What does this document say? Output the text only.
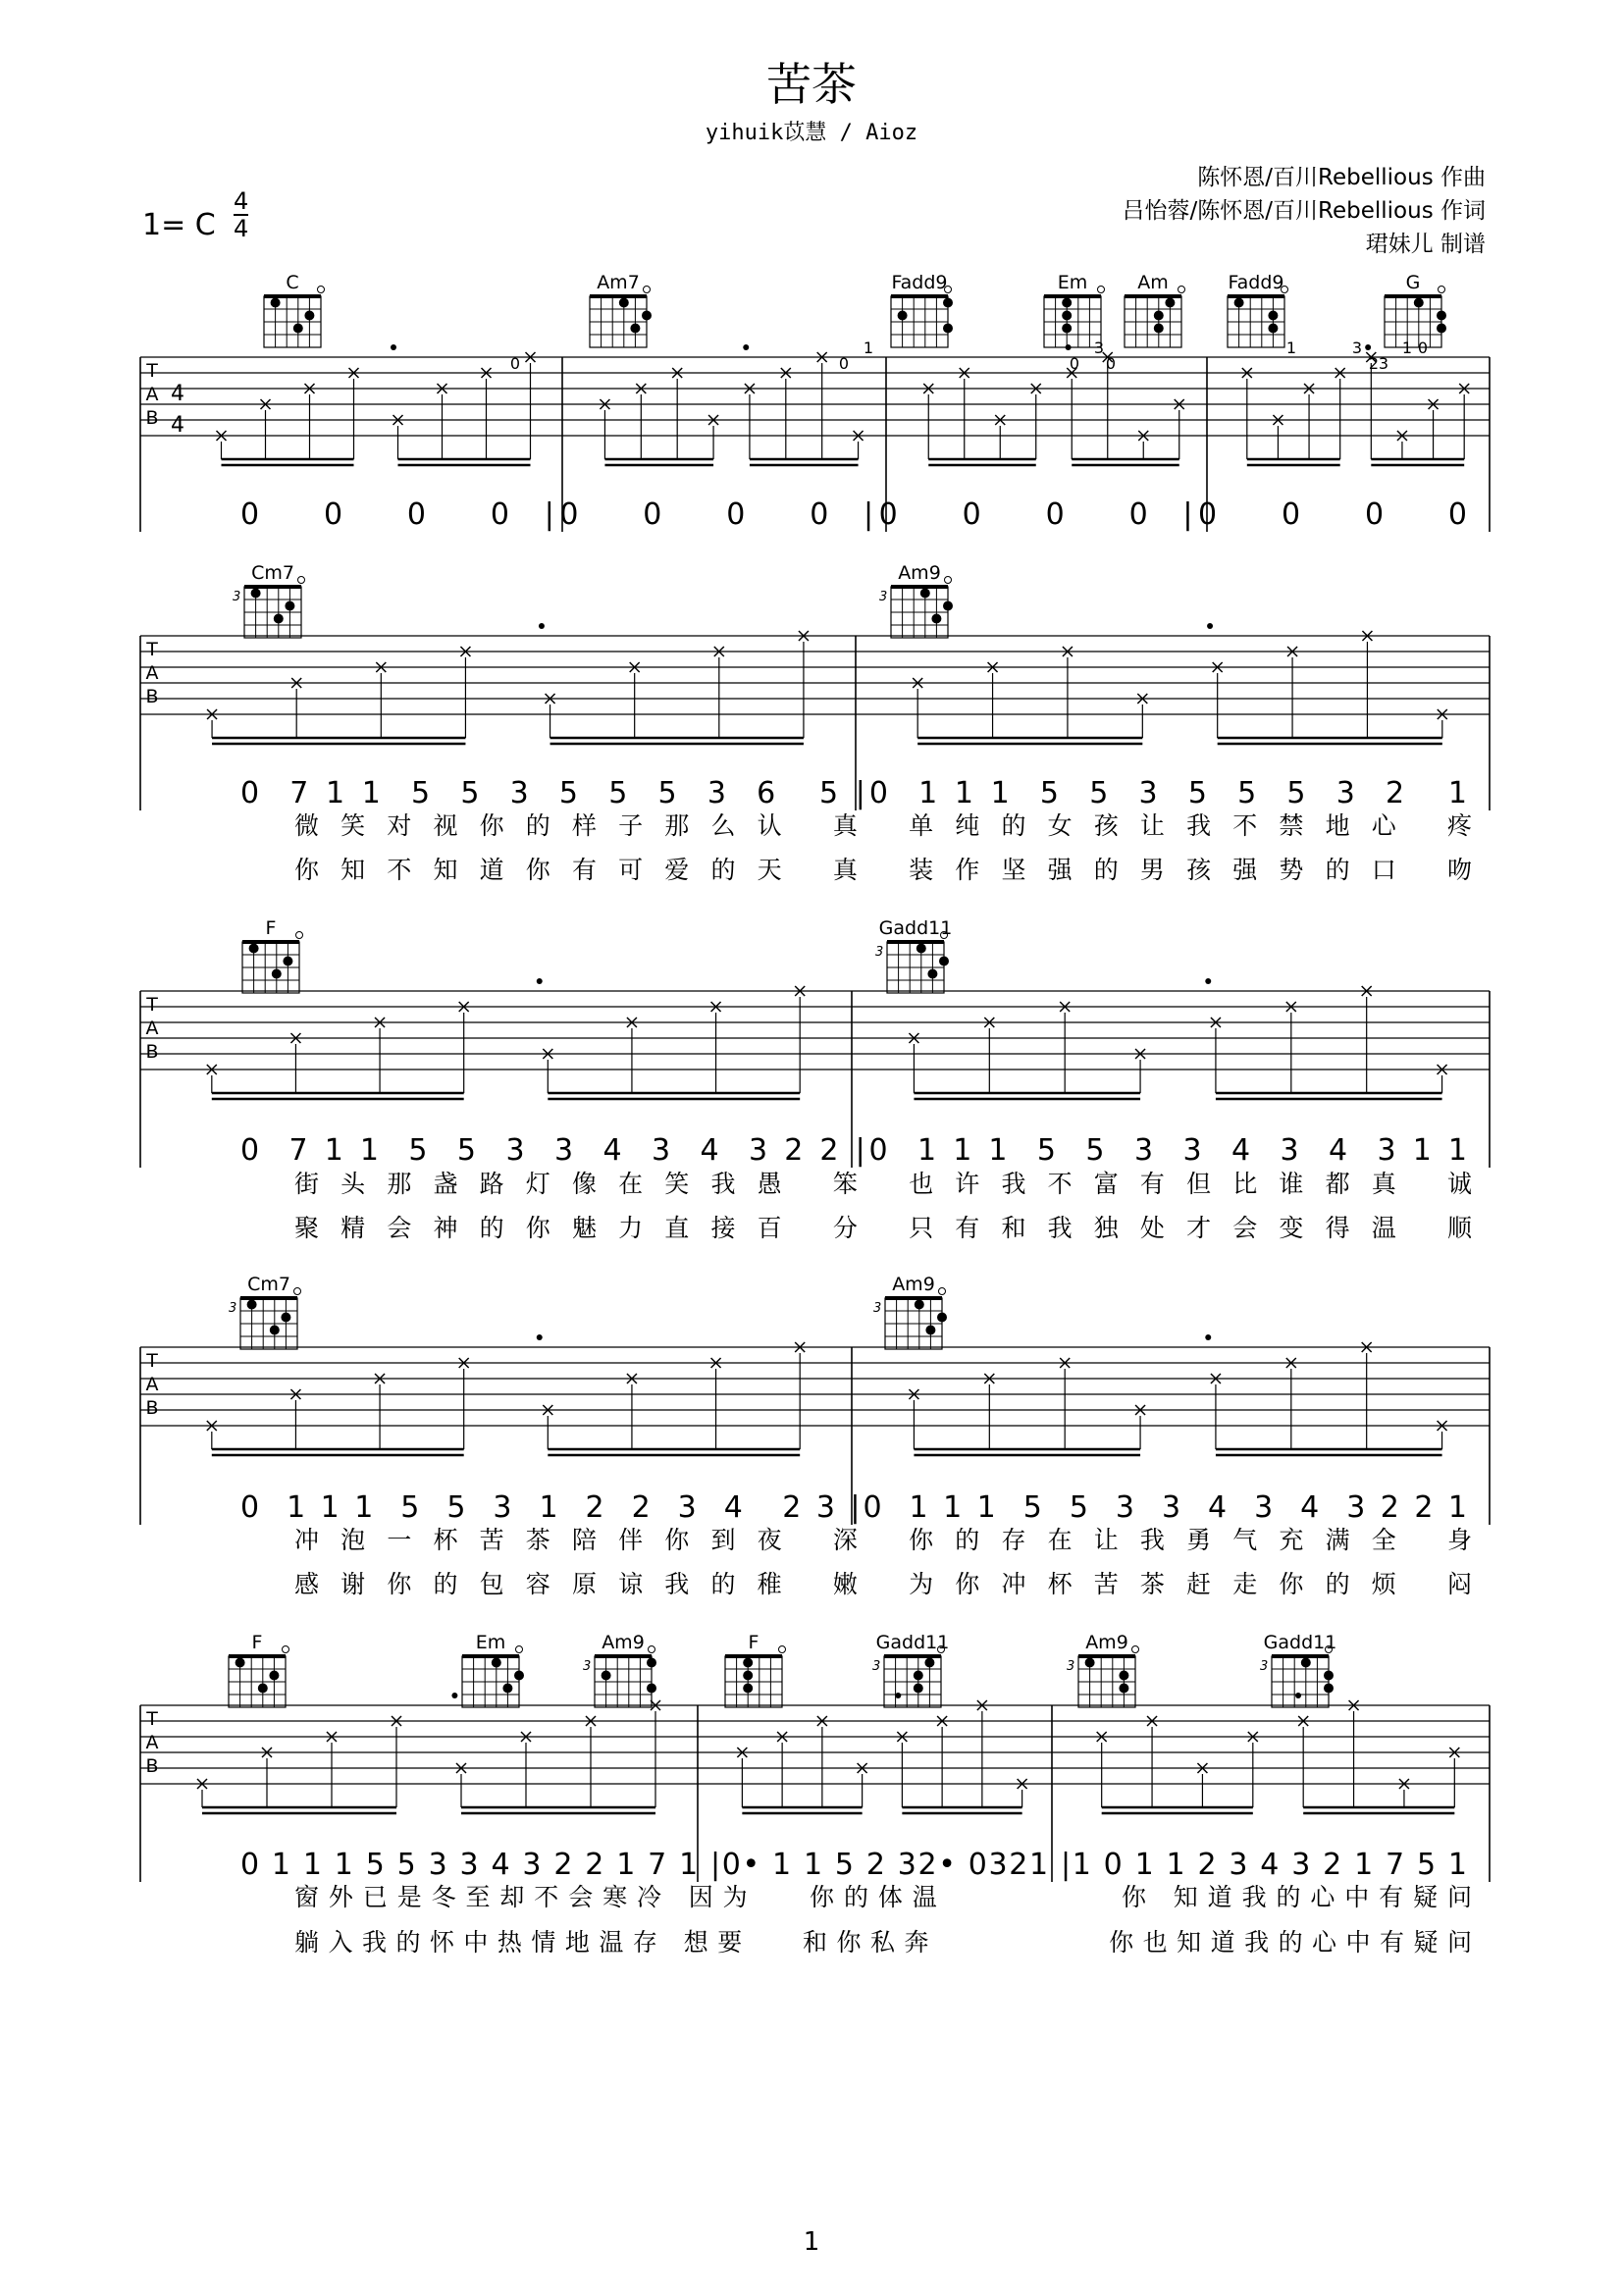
苦茶
yihuik苡慧 / Aioz
陈怀恩/百川Rebellious 作曲
吕怡蓉/陈怀恩/百川Rebellious 作词
珺妹儿 制谱
1= C
4
4
C	Am7	Fadd9	Em	Am	Fadd9	G
T
A
B
4
4
0	0
1
0
3
0
1	3
2
1 0
3
0    0    0    0  |0    0    0    0  |0    0    0    0  |0    0    0    0
Cm7
3
Am9
3
T
A
B
0  7 1 1  5  5  3  5  5  5  3  6   5 |0  1 1 1  5  5  3  5  5  5  3  2   1
微笑对视你的样子那么认 真 单纯的女孩让我不禁地心 疼
你知不知道你有可爱的天 真 装作坚强的男孩强势的口 吻
F	Gadd11
3
T
A
B
0  7 1 1  5  5  3  3  4  3  4  3 2 2 |0  1 1 1  5  5  3  3  4  3  4  3 1 1
街头那盏路灯像在笑我愚 笨 也许我不富有但比谁都真 诚
聚精会神的你魅力直接百 分 只有和我独处才会变得温 顺
Cm7
3
Am9
3
T
A
B
0  1 1 1  5  5  3  1  2  2  3  4   2 3 |0  1 1 1  5  5  3  3  4  3  4  3 2 2 1
冲泡一杯苦茶陪伴你到夜 深 你的存在让我勇气充满全 身
感谢你的包容原谅我的稚 嫩 为你冲杯苦茶赶走你的烦 闷
F	Em	Am9
3
F	Gadd11
3
Am9
3
Gadd11
3
T
A
B
0 1 1 1 5 5 3 3 4 3 2 2 1 7 1 |0• 1 1 5 2 32• 0321 |1 0 1 1 2 3 4 3 2 1 7 5 1
窗外已是冬至却不会寒冷 因为   你的体温          你 知道我的心中有疑问
躺入我的怀中热情地温存 想要   和你私奔          你也知道我的心中有疑问
1
